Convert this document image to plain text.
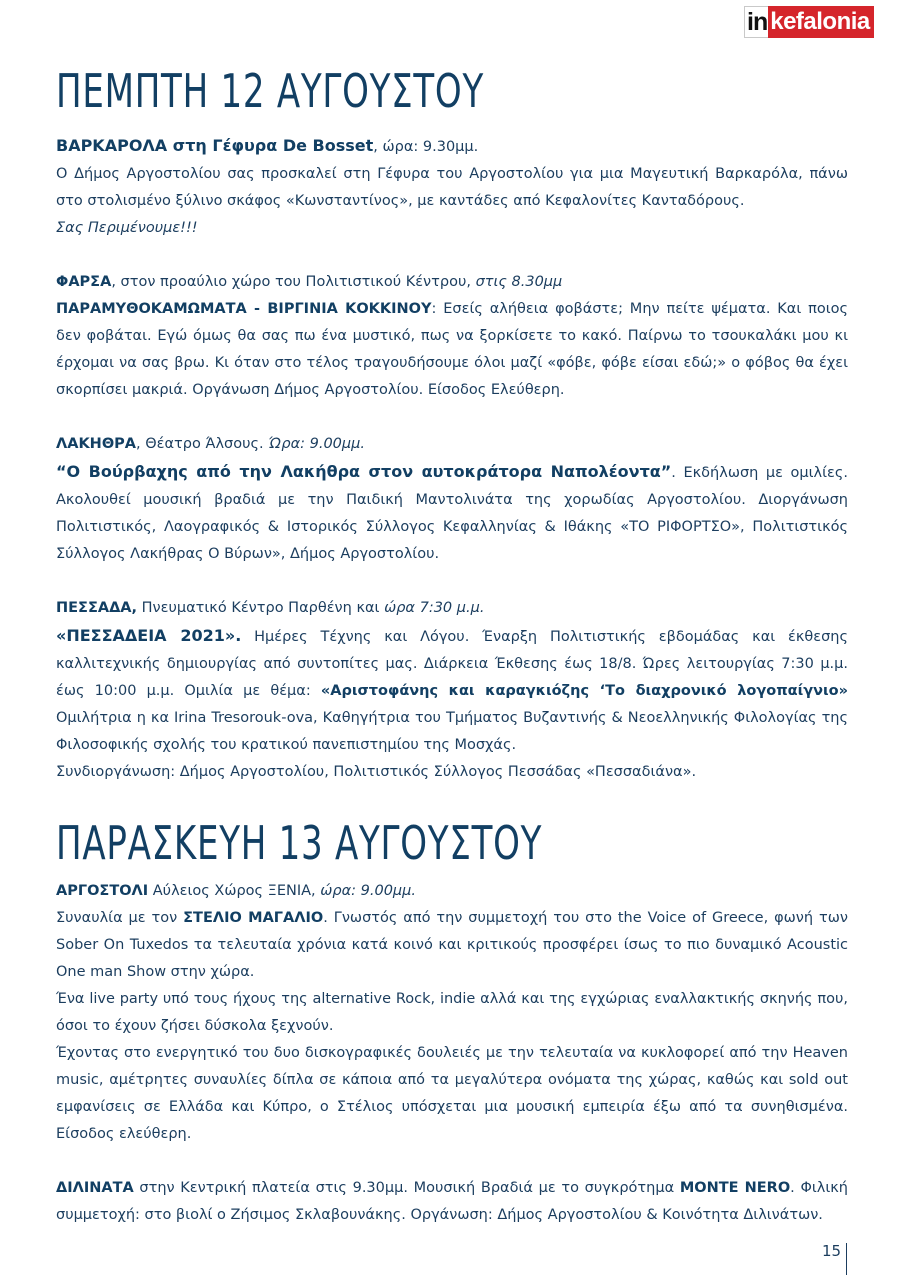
in kefalonia
ΠΕΜΠΤΗ 12 ΑΥΓΟΥΣΤΟΥ

ΒΑΡΚΑΡΟΛΑ στη Γέφυρα De Bosset, ώρα: 9.30μμ.

Ο Δήμος Αργοστολίου σας προσκαλεί στη Γέφυρα του Αργοστολίου για μια Μαγευτική Βαρκαρόλα, πάνω στο στολισμένο ξύλινο σκάφος «Κωνσταντίνος», με καντάδες από Κεφαλονίτες Κανταδόρους.

Σας Περιμένουμε!!!

ΦΑΡΣΑ, στον προαύλιο χώρο του Πολιτιστικού Κέντρου, στις 8.30μμ

ΠΑΡΑΜΥΘΟΚΑΜΩΜΑΤΑ - ΒΙΡΓΙΝΙΑ ΚΟΚΚΙΝΟΥ: Εσείς αλήθεια φοβάστε; Μην πείτε ψέματα. Και ποιος δεν φοβάται. Εγώ όμως θα σας πω ένα μυστικό, πως να ξορκίσετε το κακό. Παίρνω το τσουκαλάκι μου κι έρχομαι να σας βρω. Κι όταν στο τέλος τραγουδήσουμε όλοι μαζί «φόβε, φόβε είσαι εδώ;» ο φόβος θα έχει σκορπίσει μακριά. Οργάνωση Δήμος Αργοστολίου. Είσοδος Ελεύθερη.

ΛΑΚΗΘΡΑ, Θέατρο Άλσους. Ώρα: 9.00μμ.

“Ο Βούρβαχης από την Λακήθρα στον αυτοκράτορα Ναπολέοντα”. Εκδήλωση με ομιλίες. Ακολουθεί μουσική βραδιά με την Παιδική Μαντολινάτα της χορωδίας Αργοστολίου. Διοργάνωση Πολιτιστικός, Λαογραφικός & Ιστορικός Σύλλογος Κεφαλληνίας & Ιθάκης «ΤΟ ΡΙΦΟΡΤΣΟ», Πολιτιστικός Σύλλογος Λακήθρας Ο Βύρων», Δήμος Αργοστολίου.

ΠΕΣΣΑΔΑ, Πνευματικό Κέντρο Παρθένη και ώρα 7:30 μ.μ.

«ΠΕΣΣΑΔΕΙΑ 2021». Ημέρες Τέχνης και Λόγου. Έναρξη Πολιτιστικής εβδομάδας και έκθεσης καλλιτεχνικής δημιουργίας από συντοπίτες μας. Διάρκεια Έκθεσης έως 18/8. Ώρες λειτουργίας 7:30 μ.μ. έως 10:00 μ.μ. Ομιλία με θέμα: «Αριστοφάνης και καραγκιόζης ‘Το διαχρονικό λογοπαίγνιο» Ομιλήτρια η κα Irina Tresorouk-ova, Καθηγήτρια του Τμήματος Βυζαντινής & Νεοελληνικής Φιλολογίας της Φιλοσοφικής σχολής του κρατικού πανεπιστημίου της Μοσχάς.

Συνδιοργάνωση: Δήμος Αργοστολίου, Πολιτιστικός Σύλλογος Πεσσάδας «Πεσσαδιάνα».

ΠΑΡΑΣΚΕΥΗ 13 ΑΥΓΟΥΣΤΟΥ

ΑΡΓΟΣΤΟΛΙ Αύλειος Χώρος ΞΕΝΙΑ, ώρα: 9.00μμ.

Συναυλία με τον ΣΤΕΛΙΟ ΜΑΓΑΛΙΟ. Γνωστός από την συμμετοχή του στο the Voice of Greece, φωνή των Sober On Tuxedos τα τελευταία χρόνια κατά κοινό και κριτικούς προσφέρει ίσως το πιο δυναμικό Acoustic One man Show στην χώρα.

Ένα live party υπό τους ήχους της alternative Rock, indie αλλά και της εγχώριας εναλλακτικής σκηνής που, όσοι το έχουν ζήσει δύσκολα ξεχνούν.

Έχοντας στο ενεργητικό του δυο δισκογραφικές δουλειές με την τελευταία να κυκλοφορεί από την Heaven music, αμέτρητες συναυλίες δίπλα σε κάποια από τα μεγαλύτερα ονόματα της χώρας, καθώς και sold out εμφανίσεις σε Ελλάδα και Κύπρο, ο Στέλιος υπόσχεται μια μουσική εμπειρία έξω από τα συνηθισμένα. Είσοδος ελεύθερη.

ΔΙΛΙΝΑΤΑ στην Κεντρική πλατεία στις 9.30μμ. Μουσική Βραδιά με το συγκρότημα MONTE NERO. Φιλική συμμετοχή: στο βιολί ο Ζήσιμος Σκλαβουνάκης. Οργάνωση: Δήμος Αργοστολίου & Κοινότητα Διλινάτων.

15
